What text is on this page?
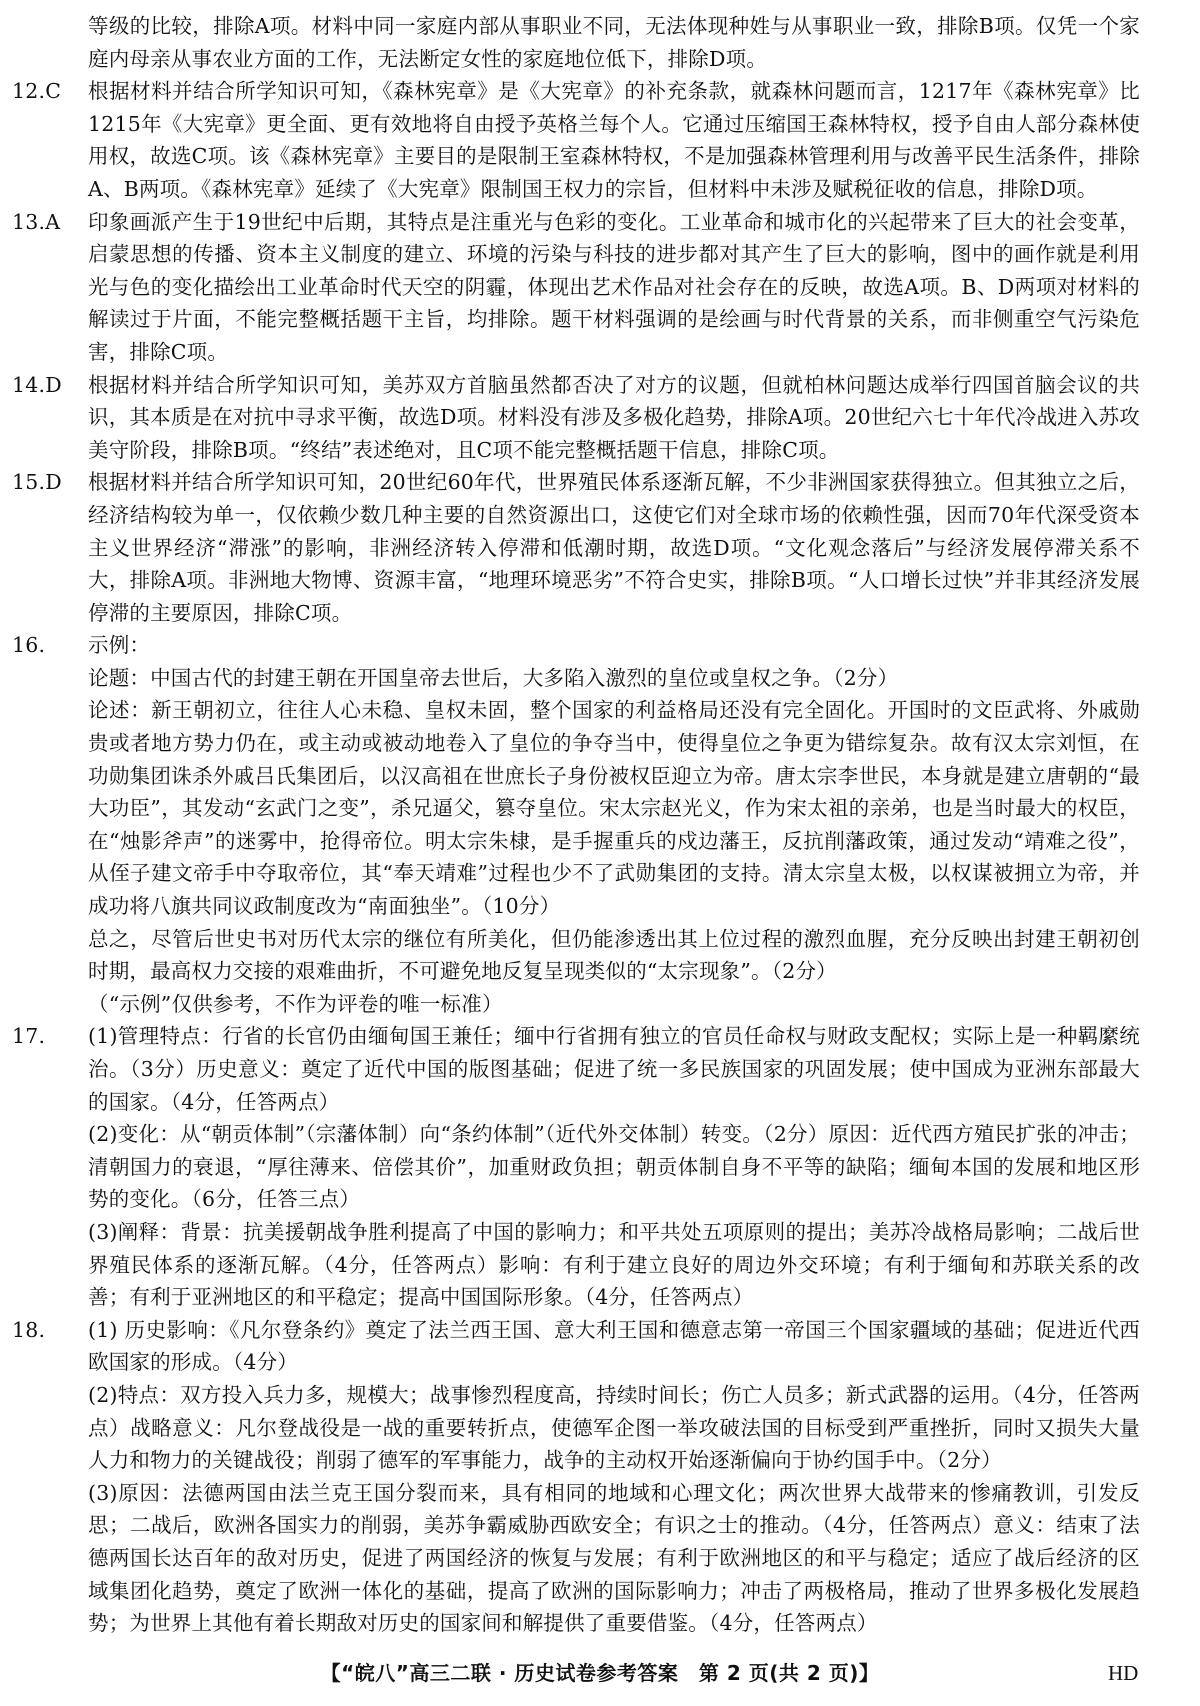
等级的比较，排除A项。材料中同一家庭内部从事职业不同，无法体现种姓与从事职业一致，排除B项。仅凭一个家庭内母亲从事农业方面的工作，无法断定女性的家庭地位低下，排除D项。

12.C 根据材料并结合所学知识可知，《森林宪章》是《大宪章》的补充条款，就森林问题而言，1217年《森林宪章》比1215年《大宪章》更全面、更有效地将自由授予英格兰每个人。它通过压缩国王森林特权，授予自由人部分森林使用权，故选C项。该《森林宪章》主要目的是限制王室森林特权，不是加强森林管理利用与改善平民生活条件，排除A、B两项。《森林宪章》延续了《大宪章》限制国王权力的宗旨，但材料中未涉及赋税征收的信息，排除D项。

13.A 印象画派产生于19世纪中后期，其特点是注重光与色彩的变化。工业革命和城市化的兴起带来了巨大的社会变革，启蒙思想的传播、资本主义制度的建立、环境的污染与科技的进步都对其产生了巨大的影响，图中的画作就是利用光与色的变化描绘出工业革命时代天空的阴霾，体现出艺术作品对社会存在的反映，故选A项。B、D两项对材料的解读过于片面，不能完整概括题干主旨，均排除。题干材料强调的是绘画与时代背景的关系，而非侧重空气污染危害，排除C项。

14.D 根据材料并结合所学知识可知，美苏双方首脑虽然都否决了对方的议题，但就柏林问题达成举行四国首脑会议的共识，其本质是在对抗中寻求平衡，故选D项。材料没有涉及多极化趋势，排除A项。20世纪六七十年代冷战进入苏攻美守阶段，排除B项。“终结”表述绝对，且C项不能完整概括题干信息，排除C项。

15.D 根据材料并结合所学知识可知，20世纪60年代，世界殖民体系逐渐瓦解，不少非洲国家获得独立。但其独立之后，经济结构较为单一，仅依赖少数几种主要的自然资源出口，这使它们对全球市场的依赖性强，因而70年代深受资本主义世界经济“滞涨”的影响，非洲经济转入停滞和低潮时期，故选D项。“文化观念落后”与经济发展停滞关系不大，排除A项。非洲地大物博、资源丰富，“地理环境恶劣”不符合史实，排除B项。“人口增长过快”并非其经济发展停滞的主要原因，排除C项。

16. 示例：

论题：中国古代的封建王朝在开国皇帝去世后，大多陷入激烈的皇位或皇权之争。（2分）

论述：新王朝初立，往往人心未稳、皇权未固，整个国家的利益格局还没有完全固化。开国时的文臣武将、外戚勋贵或者地方势力仍在，或主动或被动地卷入了皇位的争夺当中，使得皇位之争更为错综复杂。故有汉太宗刘恒，在功勋集团诛杀外戚吕氏集团后，以汉高祖在世庶长子身份被权臣迎立为帝。唐太宗李世民，本身就是建立唐朝的“最大功臣”，其发动“玄武门之变”，杀兄逼父，篡夺皇位。宋太宗赵光义，作为宋太祖的亲弟，也是当时最大的权臣，在“烛影斧声”的迷雾中，抢得帝位。明太宗朱棣，是手握重兵的戍边藩王，反抗削藩政策，通过发动“靖难之役”，从侄子建文帝手中夺取帝位，其“奉天靖难”过程也少不了武勋集团的支持。清太宗皇太极，以权谋被拥立为帝，并成功将八旗共同议政制度改为“南面独坐”。（10分）

总之，尽管后世史书对历代太宗的继位有所美化，但仍能渗透出其上位过程的激烈血腥，充分反映出封建王朝初创时期，最高权力交接的艰难曲折，不可避免地反复呈现类似的“太宗现象”。（2分）

（“示例”仅供参考，不作为评卷的唯一标准）

17. (1)管理特点：行省的长官仍由缅甸国王兼任；缅中行省拥有独立的官员任命权与财政支配权；实际上是一种羁縻统治。（3分）历史意义：奠定了近代中国的版图基础；促进了统一多民族国家的巩固发展；使中国成为亚洲东部最大的国家。（4分，任答两点）

(2)变化：从“朝贡体制”（宗藩体制）向“条约体制”（近代外交体制）转变。（2分）原因：近代西方殖民扩张的冲击；清朝国力的衰退，“厚往薄来、倍偿其价”，加重财政负担；朝贡体制自身不平等的缺陷；缅甸本国的发展和地区形势的变化。（6分，任答三点）

(3)阐释：背景：抗美援朝战争胜利提高了中国的影响力；和平共处五项原则的提出；美苏冷战格局影响；二战后世界殖民体系的逐渐瓦解。（4分，任答两点）影响：有利于建立良好的周边外交环境；有利于缅甸和苏联关系的改善；有利于亚洲地区的和平稳定；提高中国国际形象。（4分，任答两点）

18. (1) 历史影响：《凡尔登条约》奠定了法兰西王国、意大利王国和德意志第一帝国三个国家疆域的基础；促进近代西欧国家的形成。（4分）

(2)特点：双方投入兵力多，规模大；战事惨烈程度高，持续时间长；伤亡人员多；新式武器的运用。（4分，任答两点）战略意义：凡尔登战役是一战的重要转折点，使德军企图一举攻破法国的目标受到严重挫折，同时又损失大量人力和物力的关键战役；削弱了德军的军事能力，战争的主动权开始逐渐偏向于协约国手中。（2分）

(3)原因：法德两国由法兰克王国分裂而来，具有相同的地域和心理文化；两次世界大战带来的惨痛教训，引发反思；二战后，欧洲各国实力的削弱，美苏争霸威胁西欧安全；有识之士的推动。（4分，任答两点）意义：结束了法德两国长达百年的敌对历史，促进了两国经济的恢复与发展；有利于欧洲地区的和平与稳定；适应了战后经济的区域集团化趋势，奠定了欧洲一体化的基础，提高了欧洲的国际影响力；冲击了两极格局，推动了世界多极化发展趋势；为世界上其他有着长期敌对历史的国家间和解提供了重要借鉴。（4分，任答两点）

【“皖八”高三二联 · 历史试卷参考答案　第 2 页(共 2 页)】	HD
